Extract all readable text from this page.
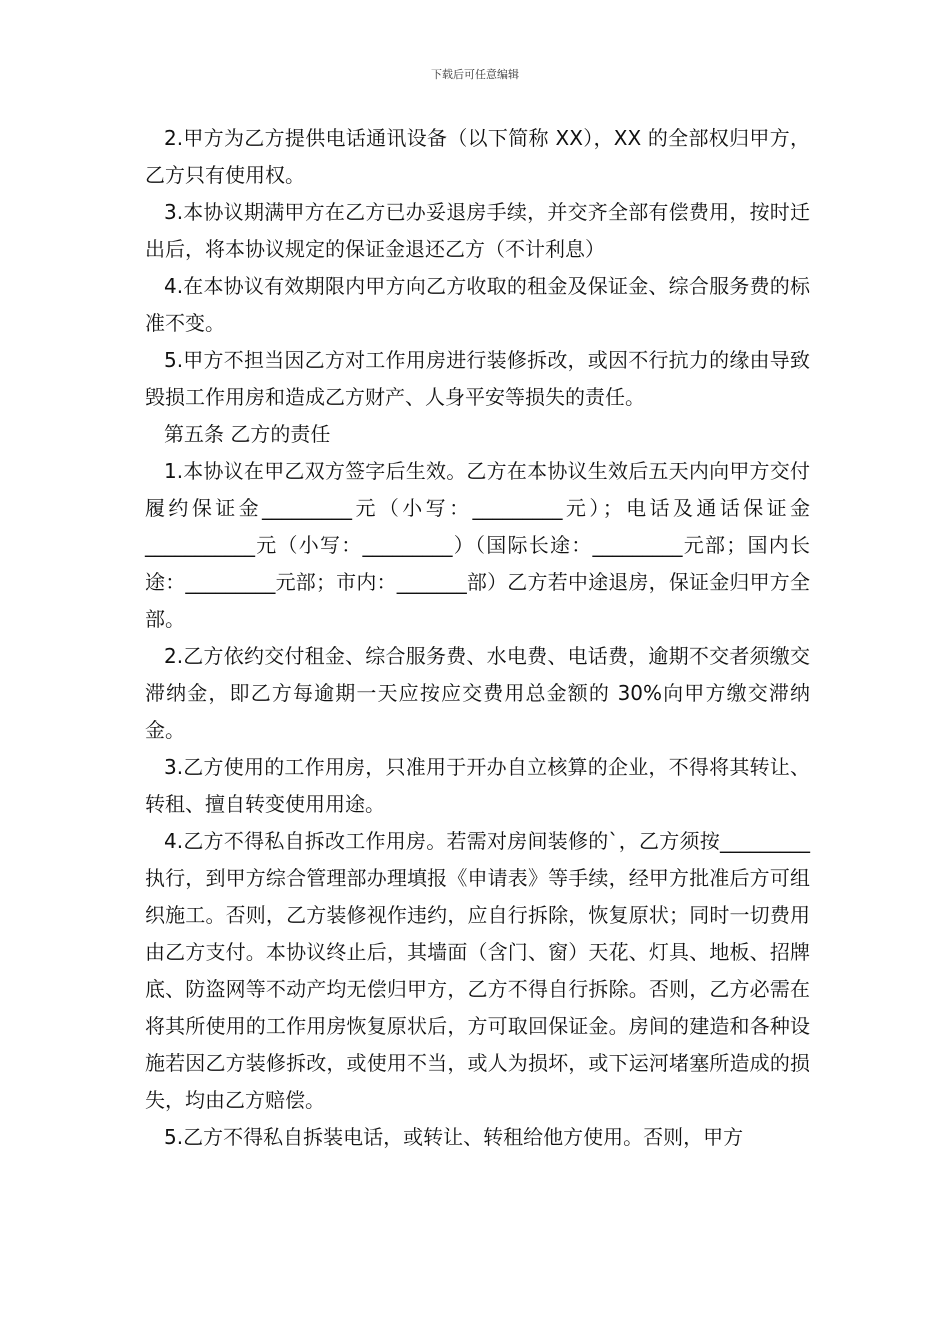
下载后可任意编辑

2.甲方为乙方提供电话通讯设备（以下简称 XX），XX 的全部权归甲方，乙方只有使用权。

3.本协议期满甲方在乙方已办妥退房手续，并交齐全部有偿费用，按时迁出后，将本协议规定的保证金退还乙方（不计利息）

4.在本协议有效期限内甲方向乙方收取的租金及保证金、综合服务费的标准不变。

5.甲方不担当因乙方对工作用房进行装修拆改，或因不行抗力的缘由导致毁损工作用房和造成乙方财产、人身平安等损失的责任。

第五条 乙方的责任

1.本协议在甲乙双方签字后生效。乙方在本协议生效后五天内向甲方交付履约保证金_________元（小写：_________元）；电话及通话保证金___________元（小写：_________）（国际长途：_________元部；国内长途：_________元部；市内：_______部）乙方若中途退房，保证金归甲方全部。

2.乙方依约交付租金、综合服务费、水电费、电话费，逾期不交者须缴交滞纳金，即乙方每逾期一天应按应交费用总金额的 30%向甲方缴交滞纳金。

3.乙方使用的工作用房，只准用于开办自立核算的企业，不得将其转让、转租、擅自转变使用用途。

4.乙方不得私自拆改工作用房。若需对房间装修的`，乙方须按_________执行，到甲方综合管理部办理填报《申请表》等手续，经甲方批准后方可组织施工。否则，乙方装修视作违约，应自行拆除，恢复原状；同时一切费用由乙方支付。本协议终止后，其墙面（含门、窗）天花、灯具、地板、招牌底、防盗网等不动产均无偿归甲方，乙方不得自行拆除。否则，乙方必需在将其所使用的工作用房恢复原状后，方可取回保证金。房间的建造和各种设施若因乙方装修拆改，或使用不当，或人为损坏，或下运河堵塞所造成的损失，均由乙方赔偿。

5.乙方不得私自拆装电话，或转让、转租给他方使用。否则，甲方
